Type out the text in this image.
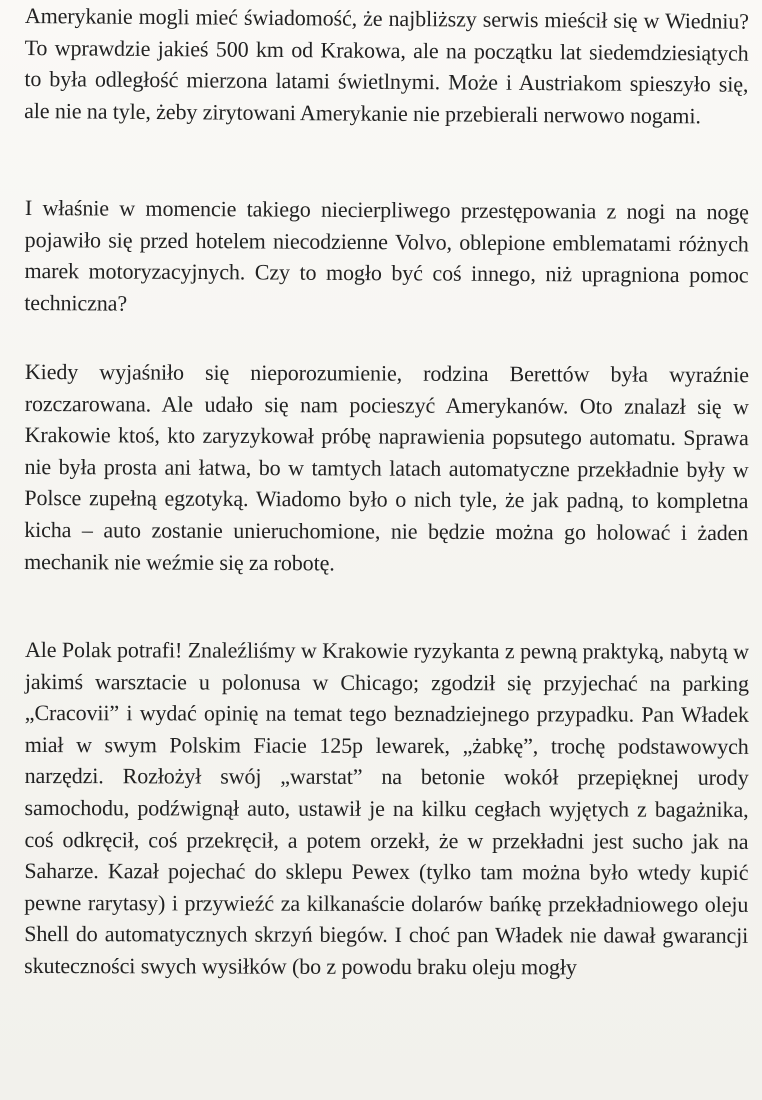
Amerykanie mogli mieć świadomość, że najbliższy serwis mieścił się w Wiedniu? To wprawdzie jakieś 500 km od Krakowa, ale na początku lat siedemdziesiątych to była odległość mierzona latami świetlnymi. Może i Austriakom spieszyło się, ale nie na tyle, żeby zirytowani Amerykanie nie przebierali nerwowo nogami.

I właśnie w momencie takiego niecierpliwego przestępowania z nogi na nogę pojawiło się przed hotelem niecodzienne Volvo, oblepione emblematami różnych marek motoryzacyjnych. Czy to mogło być coś innego, niż upragniona pomoc techniczna?

Kiedy wyjaśniło się nieporozumienie, rodzina Berettów była wyraźnie rozczarowana. Ale udało się nam pocieszyć Amerykanów. Oto znalazł się w Krakowie ktoś, kto zaryzykował próbę naprawienia popsutego automatu. Sprawa nie była prosta ani łatwa, bo w tamtych latach automatyczne przekładnie były w Polsce zupełną egzotyką. Wiadomo było o nich tyle, że jak padną, to kompletna kicha – auto zostanie unieruchomione, nie będzie można go holować i żaden mechanik nie weźmie się za robotę.

Ale Polak potrafi! Znaleźliśmy w Krakowie ryzykanta z pewną praktyką, nabytą w jakimś warsztacie u polonusa w Chicago; zgodził się przyjechać na parking „Cracovii” i wydać opinię na temat tego beznadziejnego przypadku. Pan Władek miał w swym Polskim Fiacie 125p lewarek, „żabkę”, trochę podstawowych narzędzi. Rozłożył swój „warstat” na betonie wokół przepięknej urody samochodu, podźwignął auto, ustawił je na kilku cegłach wyjętych z bagażnika, coś odkręcił, coś przekręcił, a potem orzekł, że w przekładni jest sucho jak na Saharze. Kazał pojechać do sklepu Pewex (tylko tam można było wtedy kupić pewne rarytasy) i przywieźć za kilkanaście dolarów bańkę przekładniowego oleju Shell do automatycznych skrzyń biegów. I choć pan Władek nie dawał gwarancji skuteczności swych wysiłków (bo z powodu braku oleju mogły
